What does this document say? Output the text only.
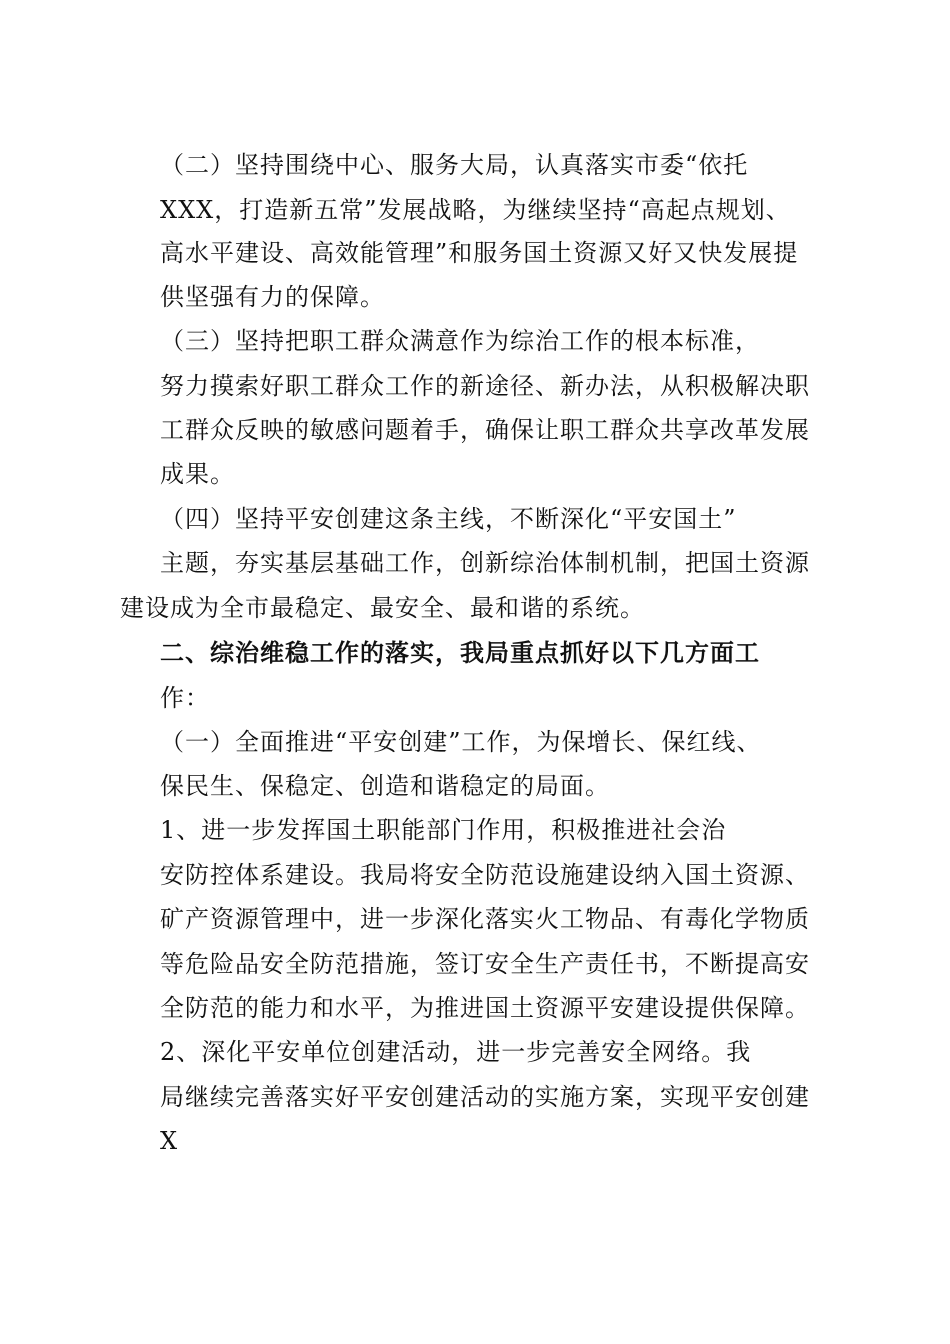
（二）坚持围绕中心、服务大局，认真落实市委“依托
XXX，打造新五常”发展战略，为继续坚持“高起点规划、
高水平建设、高效能管理”和服务国土资源又好又快发展提
供坚强有力的保障。
（三）坚持把职工群众满意作为综治工作的根本标准，
努力摸索好职工群众工作的新途径、新办法，从积极解决职
工群众反映的敏感问题着手，确保让职工群众共享改革发展
成果。
（四）坚持平安创建这条主线，不断深化“平安国土”
主题，夯实基层基础工作，创新综治体制机制，把国土资源
建设成为全市最稳定、最安全、最和谐的系统。
二、综治维稳工作的落实，我局重点抓好以下几方面工
作：
（一）全面推进“平安创建”工作，为保增长、保红线、
保民生、保稳定、创造和谐稳定的局面。
1、进一步发挥国土职能部门作用，积极推进社会治
安防控体系建设。我局将安全防范设施建设纳入国土资源、
矿产资源管理中，进一步深化落实火工物品、有毒化学物质
等危险品安全防范措施，签订安全生产责任书，不断提高安
全防范的能力和水平，为推进国土资源平安建设提供保障。
2、深化平安单位创建活动，进一步完善安全网络。我
局继续完善落实好平安创建活动的实施方案，实现平安创建
X
